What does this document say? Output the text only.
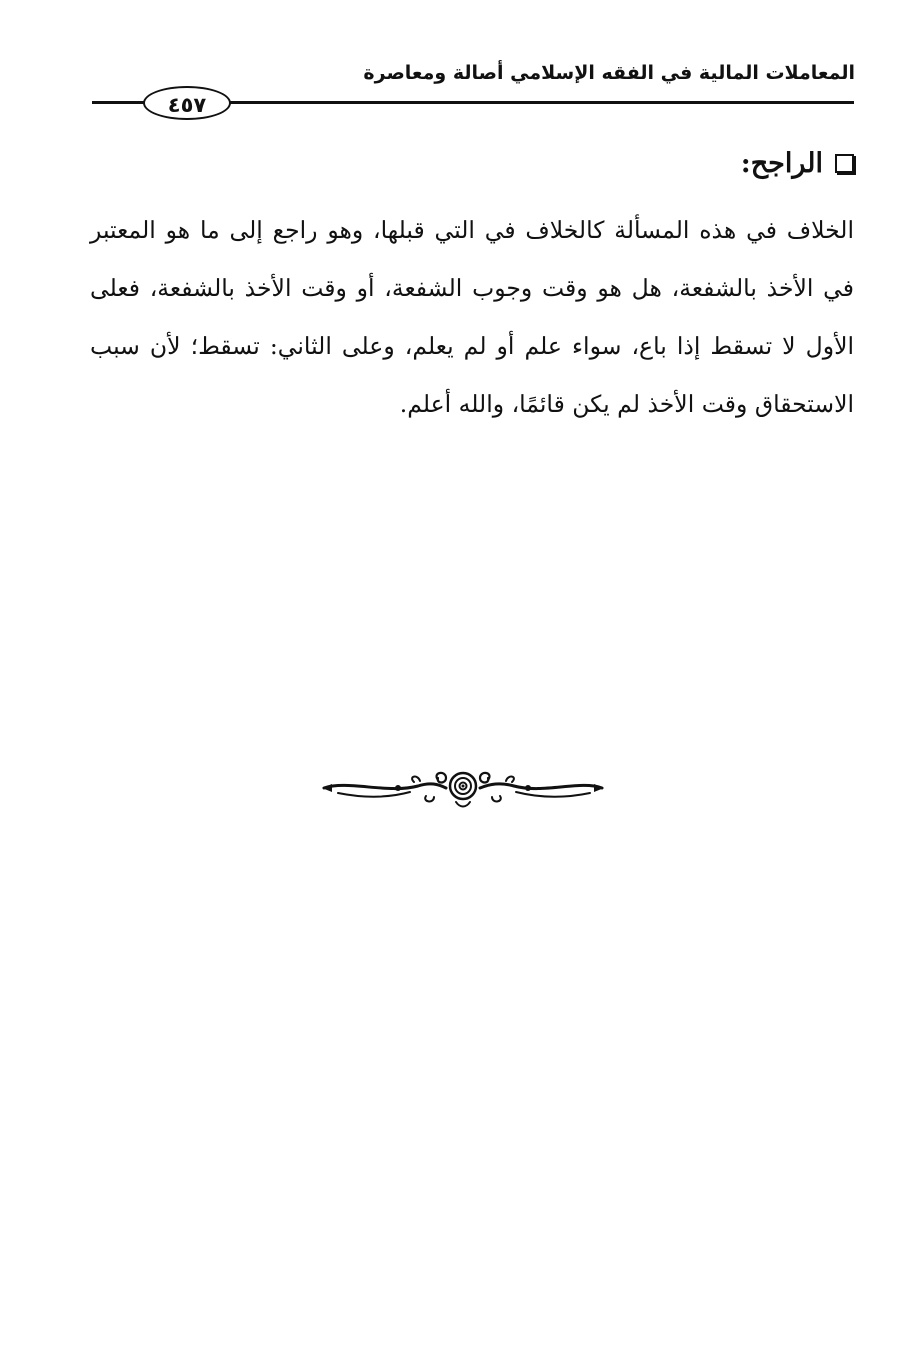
المعاملات المالية في الفقه الإسلامي أصالة ومعاصرة
٤٥٧
الراجح:

الخلاف في هذه المسألة كالخلاف في التي قبلها، وهو راجع إلى ما هو المعتبر في الأخذ بالشفعة، هل هو وقت وجوب الشفعة، أو وقت الأخذ بالشفعة، فعلى الأول لا تسقط إذا باع، سواء علم أو لم يعلم، وعلى الثاني: تسقط؛ لأن سبب الاستحقاق وقت الأخذ لم يكن قائمًا، والله أعلم.
